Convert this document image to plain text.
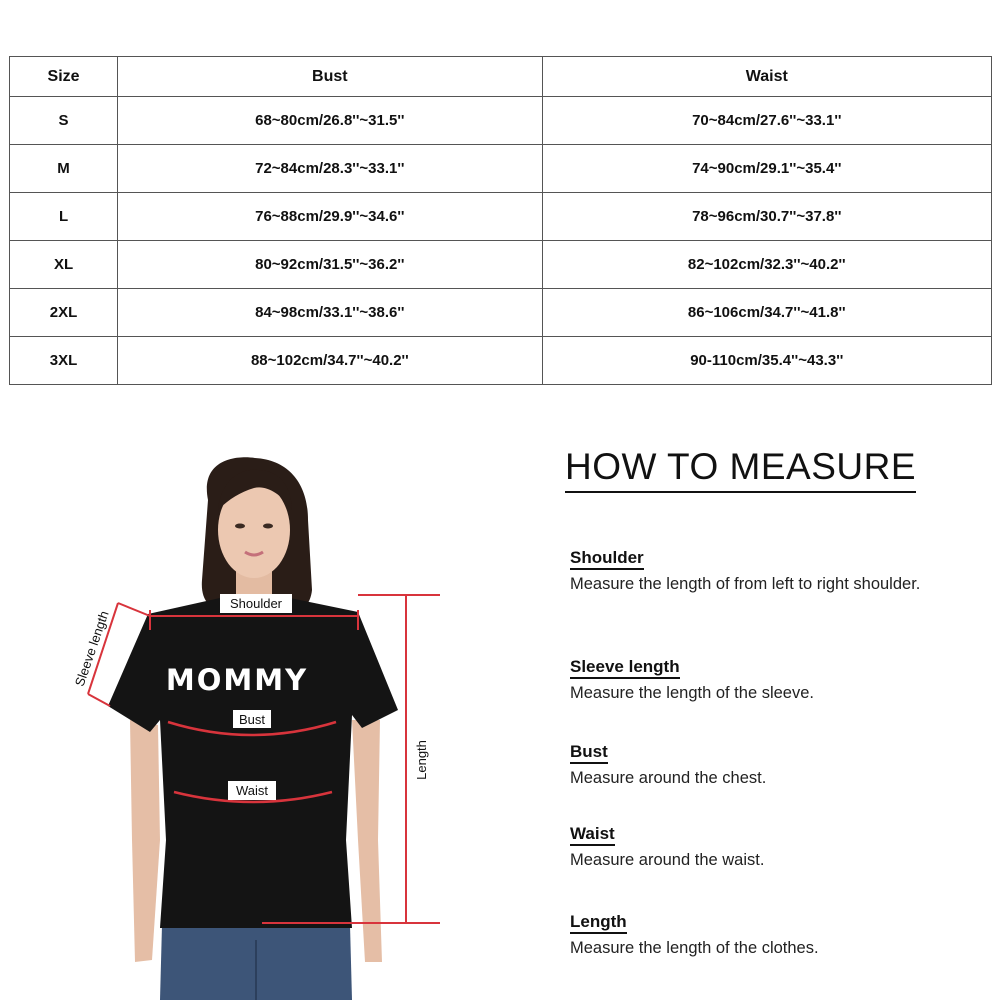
Size	Bust	Waist
S	68~80cm/26.8''~31.5''	70~84cm/27.6''~33.1''
M	72~84cm/28.3''~33.1''	74~90cm/29.1''~35.4''
L	76~88cm/29.9''~34.6''	78~96cm/30.7''~37.8''
XL	80~92cm/31.5''~36.2''	82~102cm/32.3''~40.2''
2XL	84~98cm/33.1''~38.6''	86~106cm/34.7''~41.8''
3XL	88~102cm/34.7''~40.2''	90-110cm/35.4''~43.3''
MOMMY
Shoulder
Sleeve length
Bust
Waist
Length
HOW TO MEASURE
Shoulder
Measure the length of from left to right shoulder.
Sleeve length
Measure the length of the sleeve.
Bust
Measure around the chest.
Waist
Measure around the waist.
Length
Measure the length of the clothes.
